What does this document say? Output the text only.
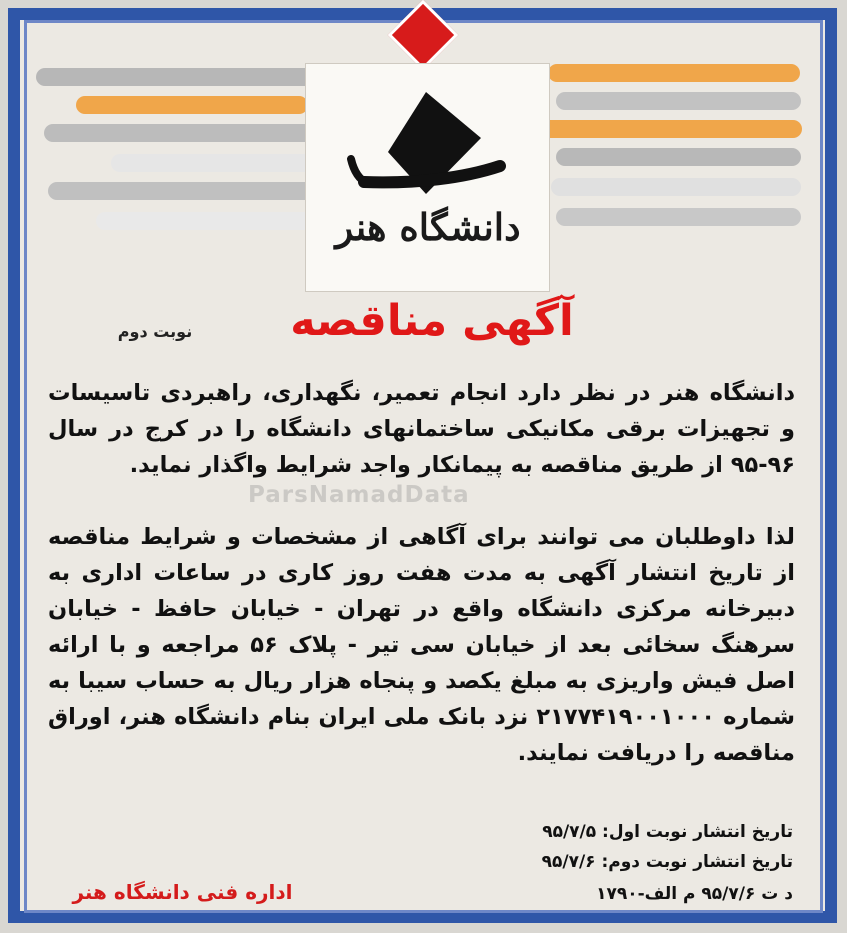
دانشگاه هنر
آگهی مناقصه
نوبت دوم

دانشگاه هنر در نظر دارد انجام تعمیر، نگهداری، راهبردی تاسیسات و تجهیزات برقی مکانیکی ساختمانهای دانشگاه را در کرج در سال ۹۶-۹۵ از طریق مناقصه به پیمانکار واجد شرایط واگذار نماید.

لذا داوطلبان می توانند برای آگاهی از مشخصات و شرایط مناقصه از تاریخ انتشار آگهی به مدت هفت روز کاری در ساعات اداری به دبیرخانه مرکزی دانشگاه واقع در تهران - خیابان حافظ - خیابان سرهنگ سخائی بعد از خیابان سی تیر - پلاک ۵۶ مراجعه و با ارائه اصل فیش واریزی به مبلغ یکصد و پنجاه هزار ریال به حساب سیبا به شماره ۲۱۷۷۴۱۹۰۰۱۰۰۰ نزد بانک ملی ایران بنام دانشگاه هنر، اوراق مناقصه را دریافت نمایند.

ParsNamadData
تاریخ انتشار نوبت اول: ۹۵/۷/۵
تاریخ انتشار نوبت دوم: ۹۵/۷/۶
اداره فنی دانشگاه هنر	د ت ۹۵/۷/۶ م الف-۱۷۹۰
